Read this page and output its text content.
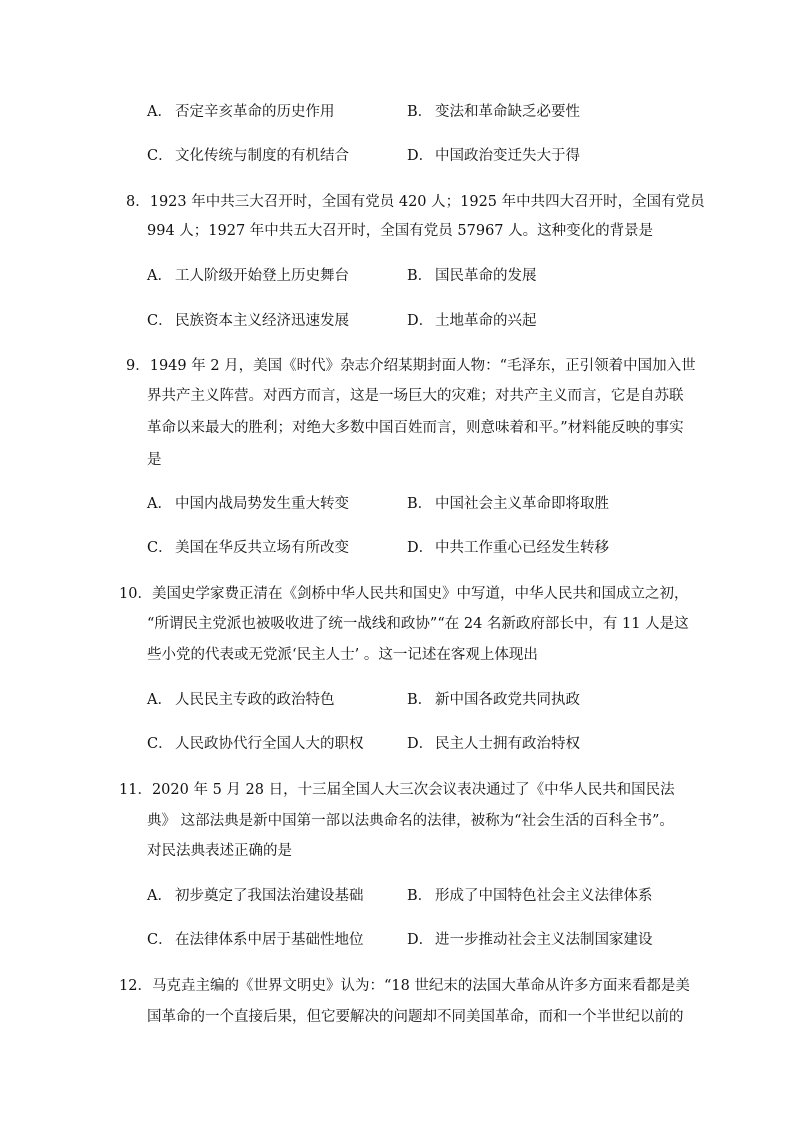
A． 否定辛亥革命的历史作用	B． 变法和革命缺乏必要性
C． 文化传统与制度的有机结合	D． 中国政治变迁失大于得
8．1923 年中共三大召开时，全国有党员 420 人；1925 年中共四大召开时，全国有党员
994 人；1927 年中共五大召开时，全国有党员 57967 人。这种变化的背景是
A． 工人阶级开始登上历史舞台	B． 国民革命的发展
C． 民族资本主义经济迅速发展	D． 土地革命的兴起
9．1949 年 2 月，美国《时代》杂志介绍某期封面人物：“毛泽东，正引领着中国加入世
界共产主义阵营。对西方而言，这是一场巨大的灾难；对共产主义而言，它是自苏联
革命以来最大的胜利；对绝大多数中国百姓而言，则意味着和平。”材料能反映的事实
是
A． 中国内战局势发生重大转变	B． 中国社会主义革命即将取胜
C． 美国在华反共立场有所改变	D． 中共工作重心已经发生转移
10．美国史学家费正清在《剑桥中华人民共和国史》中写道，中华人民共和国成立之初，
“所谓民主党派也被吸收进了统一战线和政协”“在 24 名新政府部长中，有 11 人是这
些小党的代表或无党派‘民主人士’ 。这一记述在客观上体现出
A． 人民民主专政的政治特色	B． 新中国各政党共同执政
C． 人民政协代行全国人大的职权	D． 民主人士拥有政治特权
11．2020 年 5 月 28 日，十三届全国人大三次会议表决通过了《中华人民共和国民法
典》 这部法典是新中国第一部以法典命名的法律，被称为“社会生活的百科全书”。
对民法典表述正确的是
A． 初步奠定了我国法治建设基础	B． 形成了中国特色社会主义法律体系
C． 在法律体系中居于基础性地位	D． 进一步推动社会主义法制国家建设
12．马克垚主编的《世界文明史》认为：“18 世纪末的法国大革命从许多方面来看都是美
国革命的一个直接后果，但它要解决的问题却不同美国革命，而和一个半世纪以前的
